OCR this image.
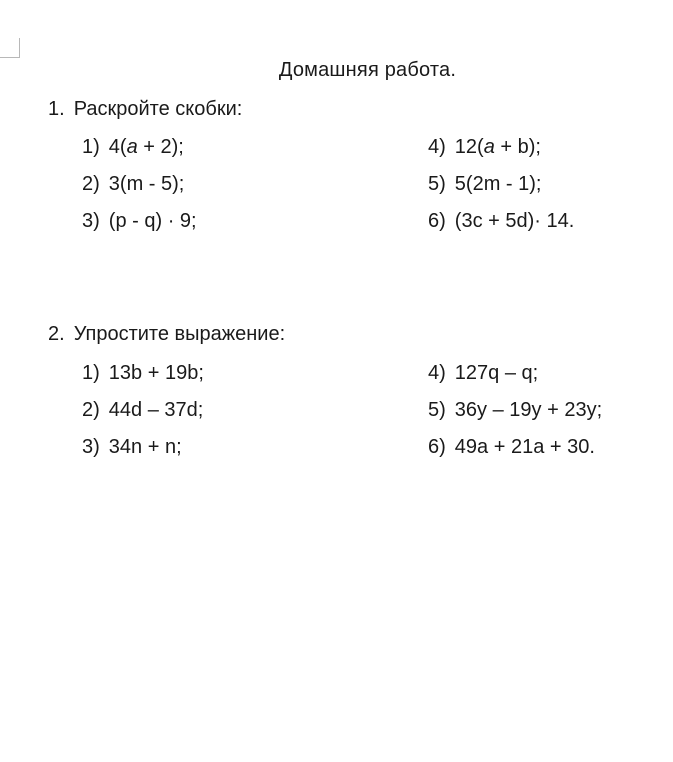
Домашняя работа.
1. Раскройте скобки:
1) 4(a + 2);
2) 3(m - 5);
3) (p - q) · 9;
4) 12(a + b);
5) 5(2m - 1);
6) (3c + 5d)· 14.
2. Упростите выражение:
1) 13b + 19b;
2) 44d – 37d;
3) 34n + n;
4) 127q – q;
5) 36y – 19y + 23y;
6) 49a + 21a + 30.
